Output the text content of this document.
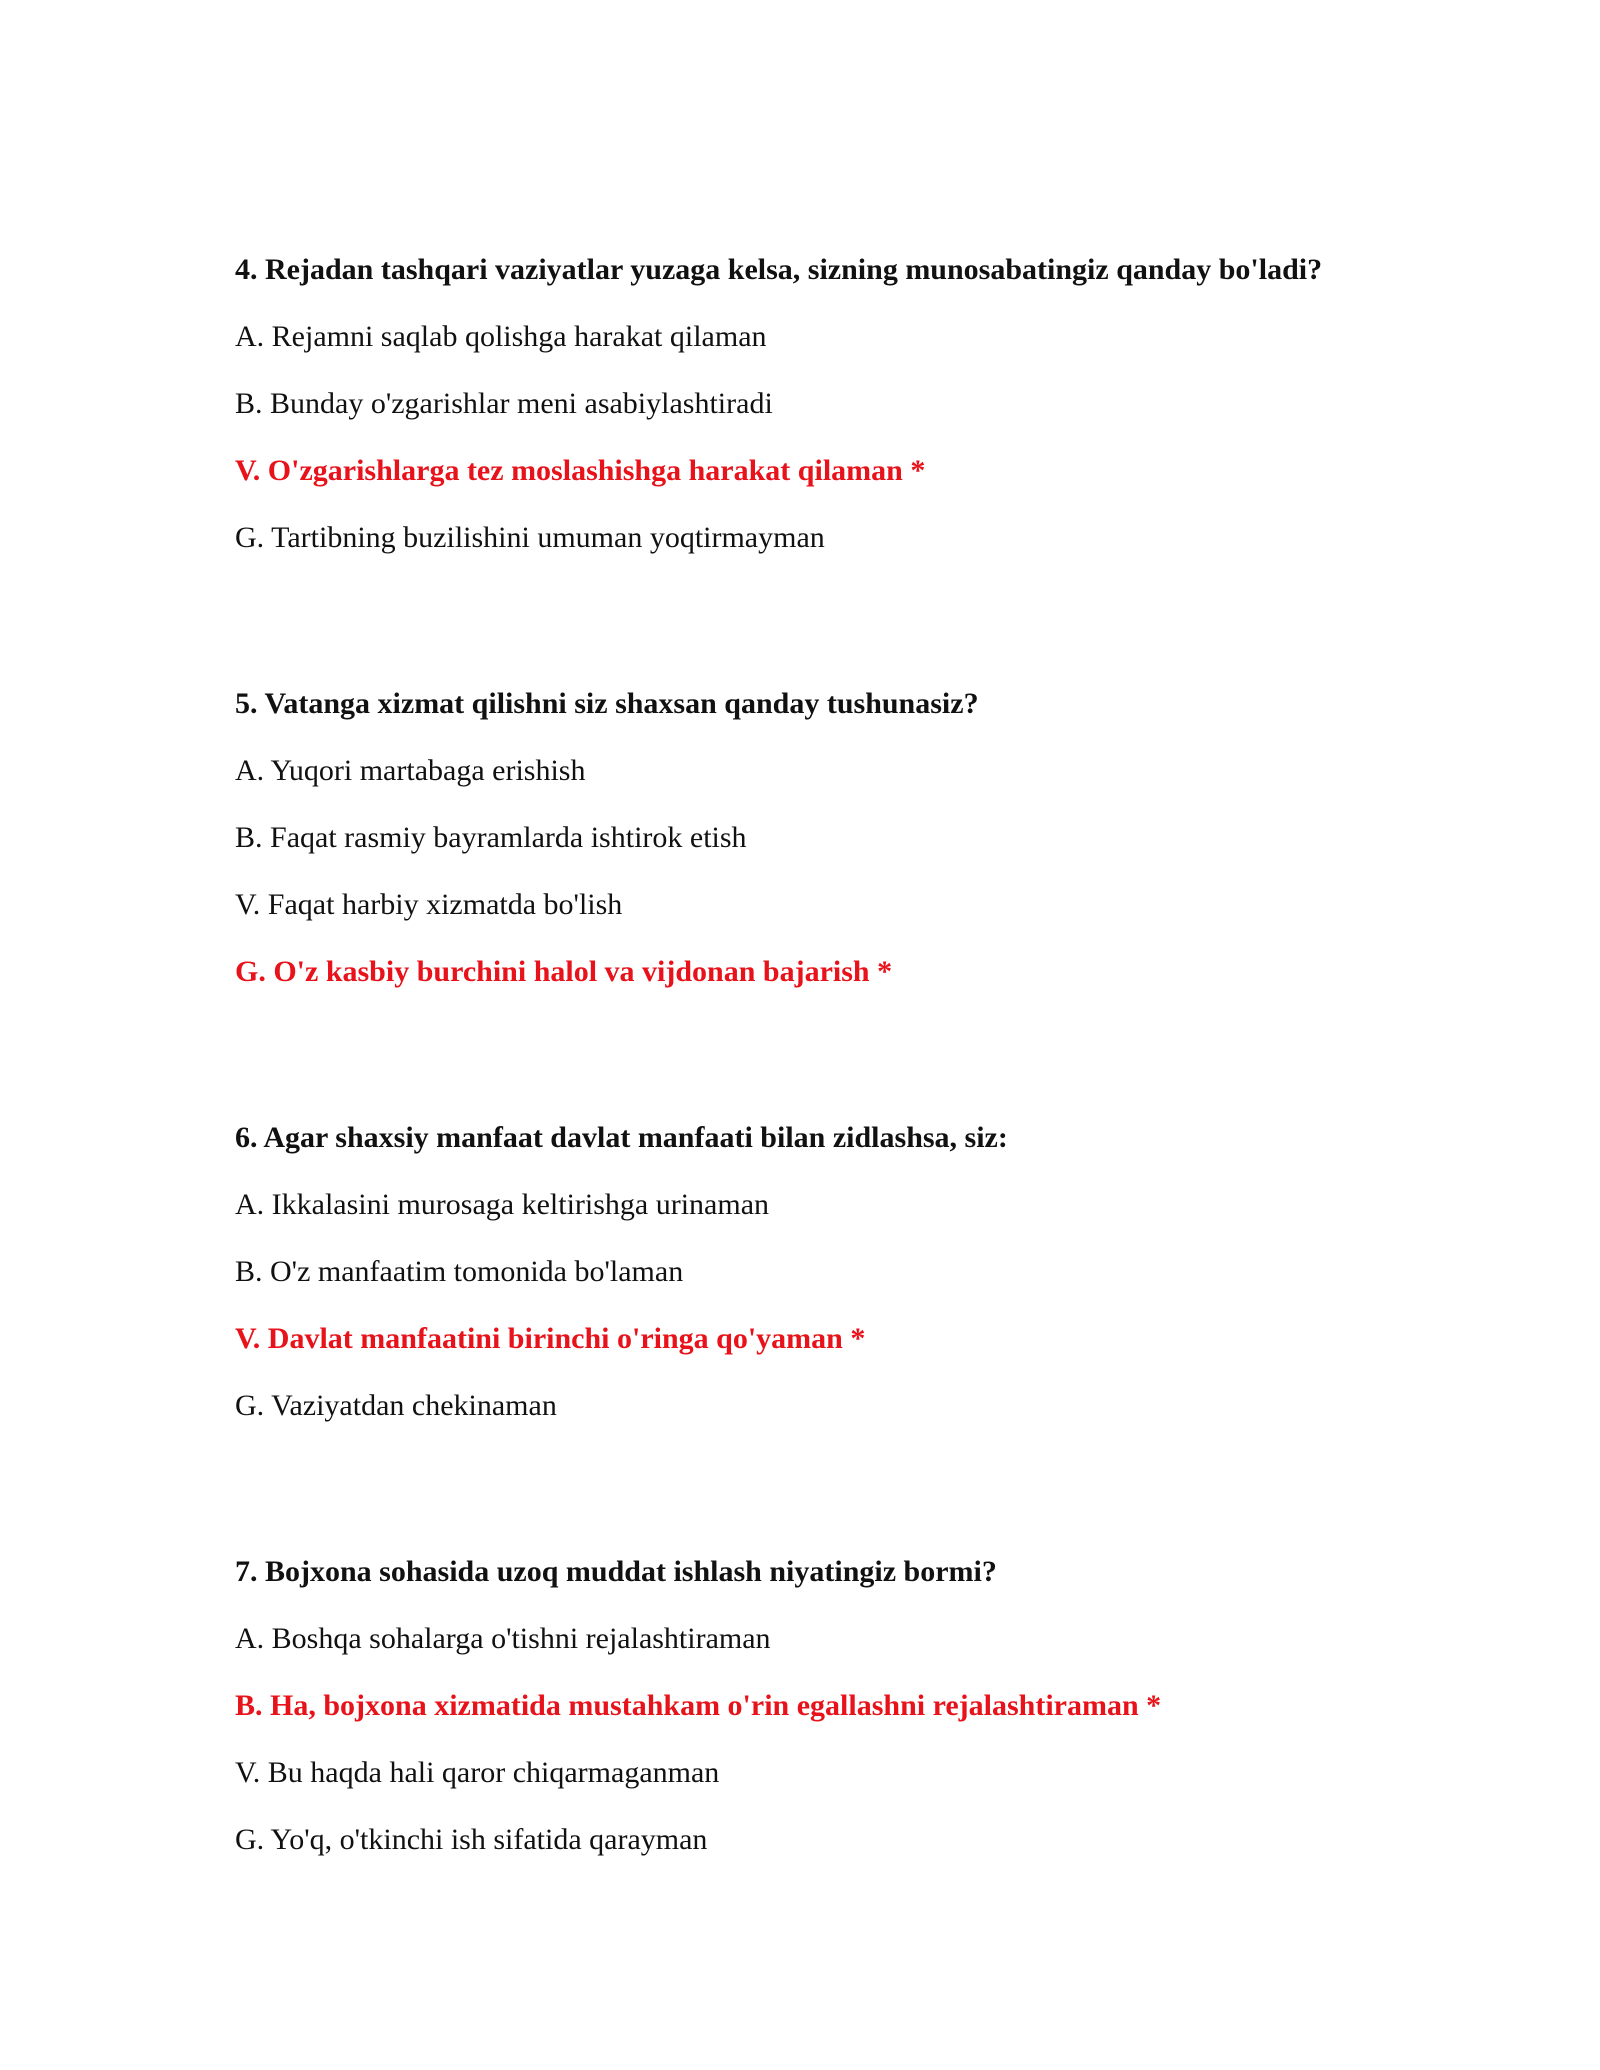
4. Rejadan tashqari vaziyatlar yuzaga kelsa, sizning munosabatingiz qanday bo'ladi?

A. Rejamni saqlab qolishga harakat qilaman

B. Bunday o'zgarishlar meni asabiylashtiradi

V. O'zgarishlarga tez moslashishga harakat qilaman *

G. Tartibning buzilishini umuman yoqtirmayman

5. Vatanga xizmat qilishni siz shaxsan qanday tushunasiz?

A. Yuqori martabaga erishish

B. Faqat rasmiy bayramlarda ishtirok etish

V. Faqat harbiy xizmatda bo'lish

G. O'z kasbiy burchini halol va vijdonan bajarish *

6. Agar shaxsiy manfaat davlat manfaati bilan zidlashsa, siz:

A. Ikkalasini murosaga keltirishga urinaman

B. O'z manfaatim tomonida bo'laman

V. Davlat manfaatini birinchi o'ringa qo'yaman *

G. Vaziyatdan chekinaman

7. Bojxona sohasida uzoq muddat ishlash niyatingiz bormi?

A. Boshqa sohalarga o'tishni rejalashtiraman

B. Ha, bojxona xizmatida mustahkam o'rin egallashni rejalashtiraman *

V. Bu haqda hali qaror chiqarmaganman

G. Yo'q, o'tkinchi ish sifatida qarayman
